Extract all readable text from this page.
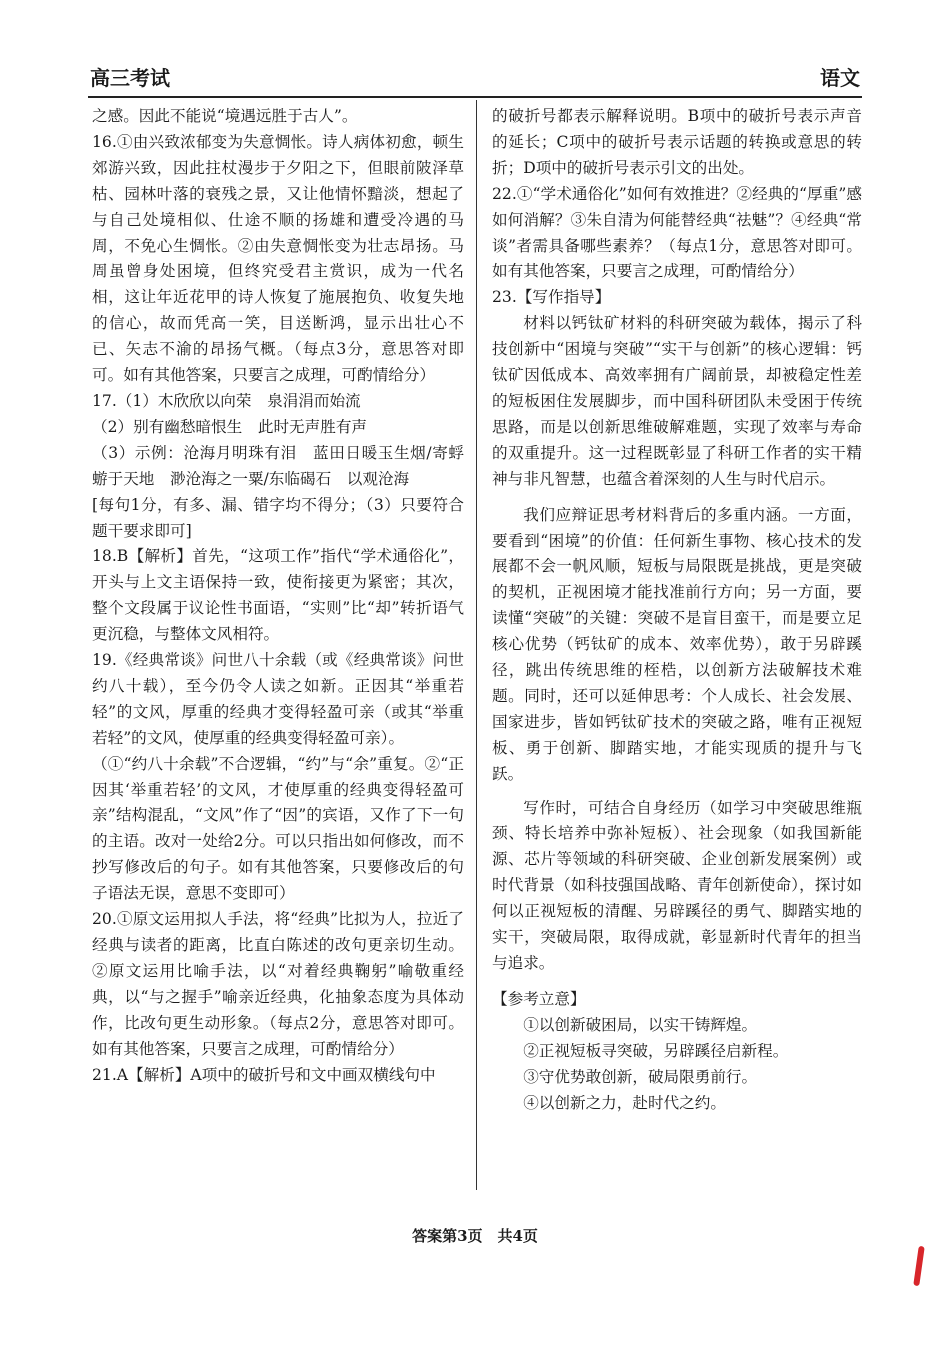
高三考试	语文

之感。因此不能说“境遇远胜于古人”。

16.①由兴致浓郁变为失意惆怅。诗人病体初愈，顿生郊游兴致，因此拄杖漫步于夕阳之下，但眼前陂泽草枯、园林叶落的衰残之景，又让他情怀黯淡，想起了与自己处境相似、仕途不顺的扬雄和遭受冷遇的马周，不免心生惆怅。②由失意惆怅变为壮志昂扬。马周虽曾身处困境，但终究受君主赏识，成为一代名相，这让年近花甲的诗人恢复了施展抱负、收复失地的信心，故而凭高一笑，目送断鸿，显示出壮心不已、矢志不渝的昂扬气概。（每点3分，意思答对即可。如有其他答案，只要言之成理，可酌情给分）

17.（1）木欣欣以向荣　泉涓涓而始流

（2）别有幽愁暗恨生　此时无声胜有声

（3）示例：沧海月明珠有泪　蓝田日暖玉生烟/寄蜉蝣于天地　渺沧海之一粟/东临碣石　以观沧海

[每句1分，有多、漏、错字均不得分；（3）只要符合题干要求即可]

18.B【解析】首先，“这项工作”指代“学术通俗化”，开头与上文主语保持一致，使衔接更为紧密；其次，整个文段属于议论性书面语，“实则”比“却”转折语气更沉稳，与整体文风相符。

19.《经典常谈》问世八十余载（或《经典常谈》问世约八十载），至今仍令人读之如新。正因其“举重若轻”的文风，厚重的经典才变得轻盈可亲（或其“举重若轻”的文风，使厚重的经典变得轻盈可亲）。

（①“约八十余载”不合逻辑，“约”与“余”重复。②“正因其‘举重若轻’的文风，才使厚重的经典变得轻盈可亲”结构混乱，“文风”作了“因”的宾语，又作了下一句的主语。改对一处给2分。可以只指出如何修改，而不抄写修改后的句子。如有其他答案，只要修改后的句子语法无误，意思不变即可）

20.①原文运用拟人手法，将“经典”比拟为人，拉近了经典与读者的距离，比直白陈述的改句更亲切生动。②原文运用比喻手法，以“对着经典鞠躬”喻敬重经典，以“与之握手”喻亲近经典，化抽象态度为具体动作，比改句更生动形象。（每点2分，意思答对即可。如有其他答案，只要言之成理，可酌情给分）

21.A【解析】A项中的破折号和文中画双横线句中

的破折号都表示解释说明。B项中的破折号表示声音的延长；C项中的破折号表示话题的转换或意思的转折；D项中的破折号表示引文的出处。

22.①“学术通俗化”如何有效推进？②经典的“厚重”感如何消解？③朱自清为何能替经典“祛魅”？④经典“常谈”者需具备哪些素养？（每点1分，意思答对即可。如有其他答案，只要言之成理，可酌情给分）

23.【写作指导】

材料以钙钛矿材料的科研突破为载体，揭示了科技创新中“困境与突破”“实干与创新”的核心逻辑：钙钛矿因低成本、高效率拥有广阔前景，却被稳定性差的短板困住发展脚步，而中国科研团队未受困于传统思路，而是以创新思维破解难题，实现了效率与寿命的双重提升。这一过程既彰显了科研工作者的实干精神与非凡智慧，也蕴含着深刻的人生与时代启示。

我们应辩证思考材料背后的多重内涵。一方面，要看到“困境”的价值：任何新生事物、核心技术的发展都不会一帆风顺，短板与局限既是挑战，更是突破的契机，正视困境才能找准前行方向；另一方面，要读懂“突破”的关键：突破不是盲目蛮干，而是要立足核心优势（钙钛矿的成本、效率优势），敢于另辟蹊径，跳出传统思维的桎梏，以创新方法破解技术难题。同时，还可以延伸思考：个人成长、社会发展、国家进步，皆如钙钛矿技术的突破之路，唯有正视短板、勇于创新、脚踏实地，才能实现质的提升与飞跃。

写作时，可结合自身经历（如学习中突破思维瓶颈、特长培养中弥补短板）、社会现象（如我国新能源、芯片等领域的科研突破、企业创新发展案例）或时代背景（如科技强国战略、青年创新使命），探讨如何以正视短板的清醒、另辟蹊径的勇气、脚踏实地的实干，突破局限，取得成就，彰显新时代青年的担当与追求。

【参考立意】

①以创新破困局，以实干铸辉煌。

②正视短板寻突破，另辟蹊径启新程。

③守优势敢创新，破局限勇前行。

④以创新之力，赴时代之约。

答案第3页　共4页
